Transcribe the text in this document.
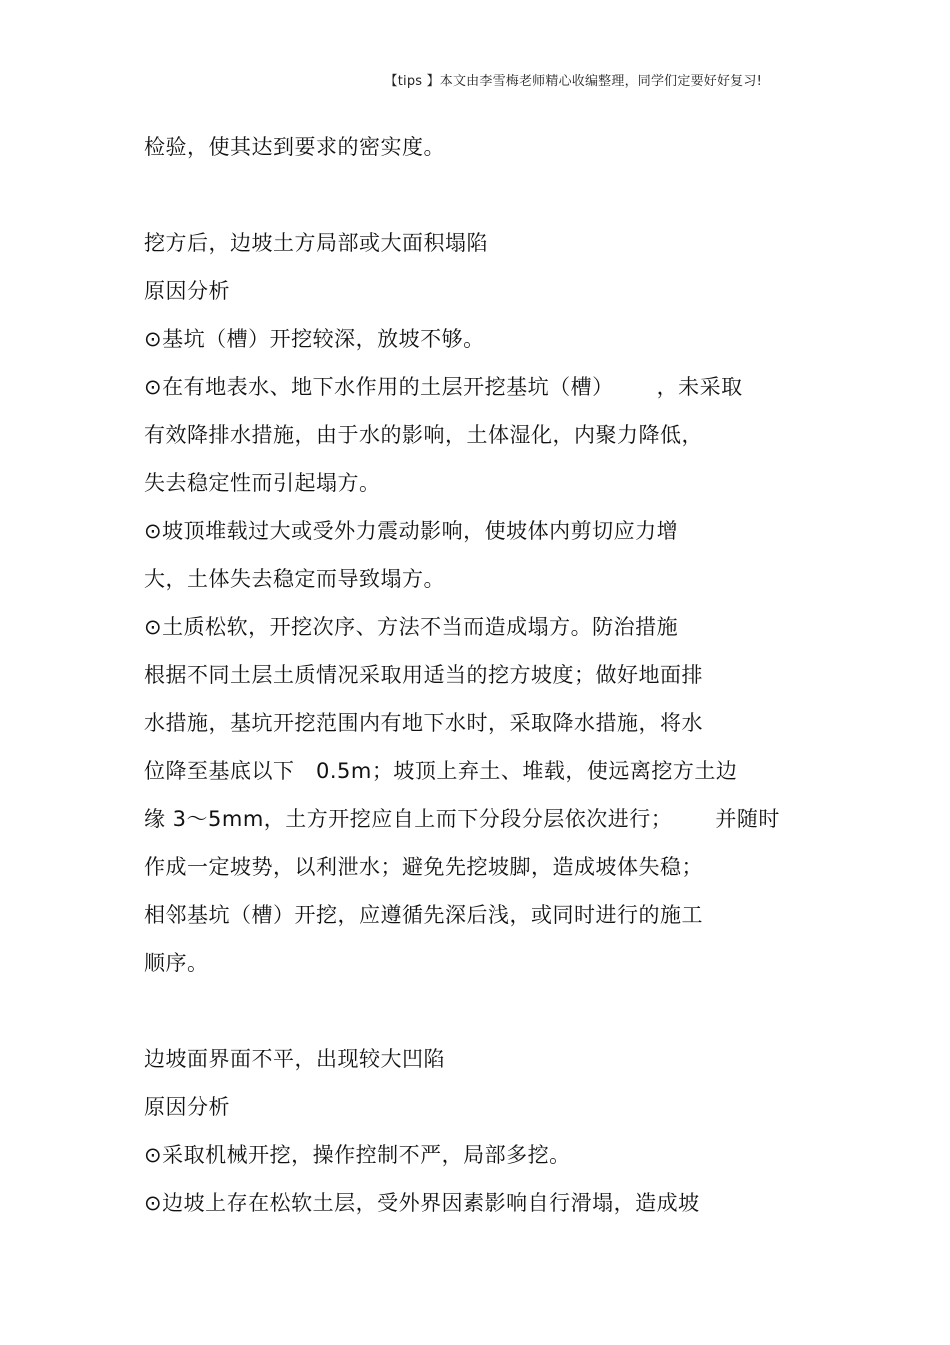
【tips 】本文由李雪梅老师精心收编整理，同学们定要好好复习!
检验，使其达到要求的密实度。
挖方后，边坡土方局部或大面积塌陷
原因分析
⊙基坑（槽）开挖较深，放坡不够。
⊙在有地表水、地下水作用的土层开挖基坑（槽）      ，未采取
有效降排水措施，由于水的影响，土体湿化，内聚力降低，
失去稳定性而引起塌方。
⊙坡顶堆载过大或受外力震动影响，使坡体内剪切应力增
大，土体失去稳定而导致塌方。
⊙土质松软，开挖次序、方法不当而造成塌方。防治措施
根据不同土层土质情况采取用适当的挖方坡度；做好地面排
水措施，基坑开挖范围内有地下水时，采取降水措施，将水
位降至基底以下   0.5m；坡顶上弃土、堆载，使远离挖方土边
缘 3～5mm，土方开挖应自上而下分段分层依次进行；      并随时
作成一定坡势，以利泄水；避免先挖坡脚，造成坡体失稳；
相邻基坑（槽）开挖，应遵循先深后浅，或同时进行的施工
顺序。
边坡面界面不平，出现较大凹陷
原因分析
⊙采取机械开挖，操作控制不严，局部多挖。
⊙边坡上存在松软土层，受外界因素影响自行滑塌，造成坡
